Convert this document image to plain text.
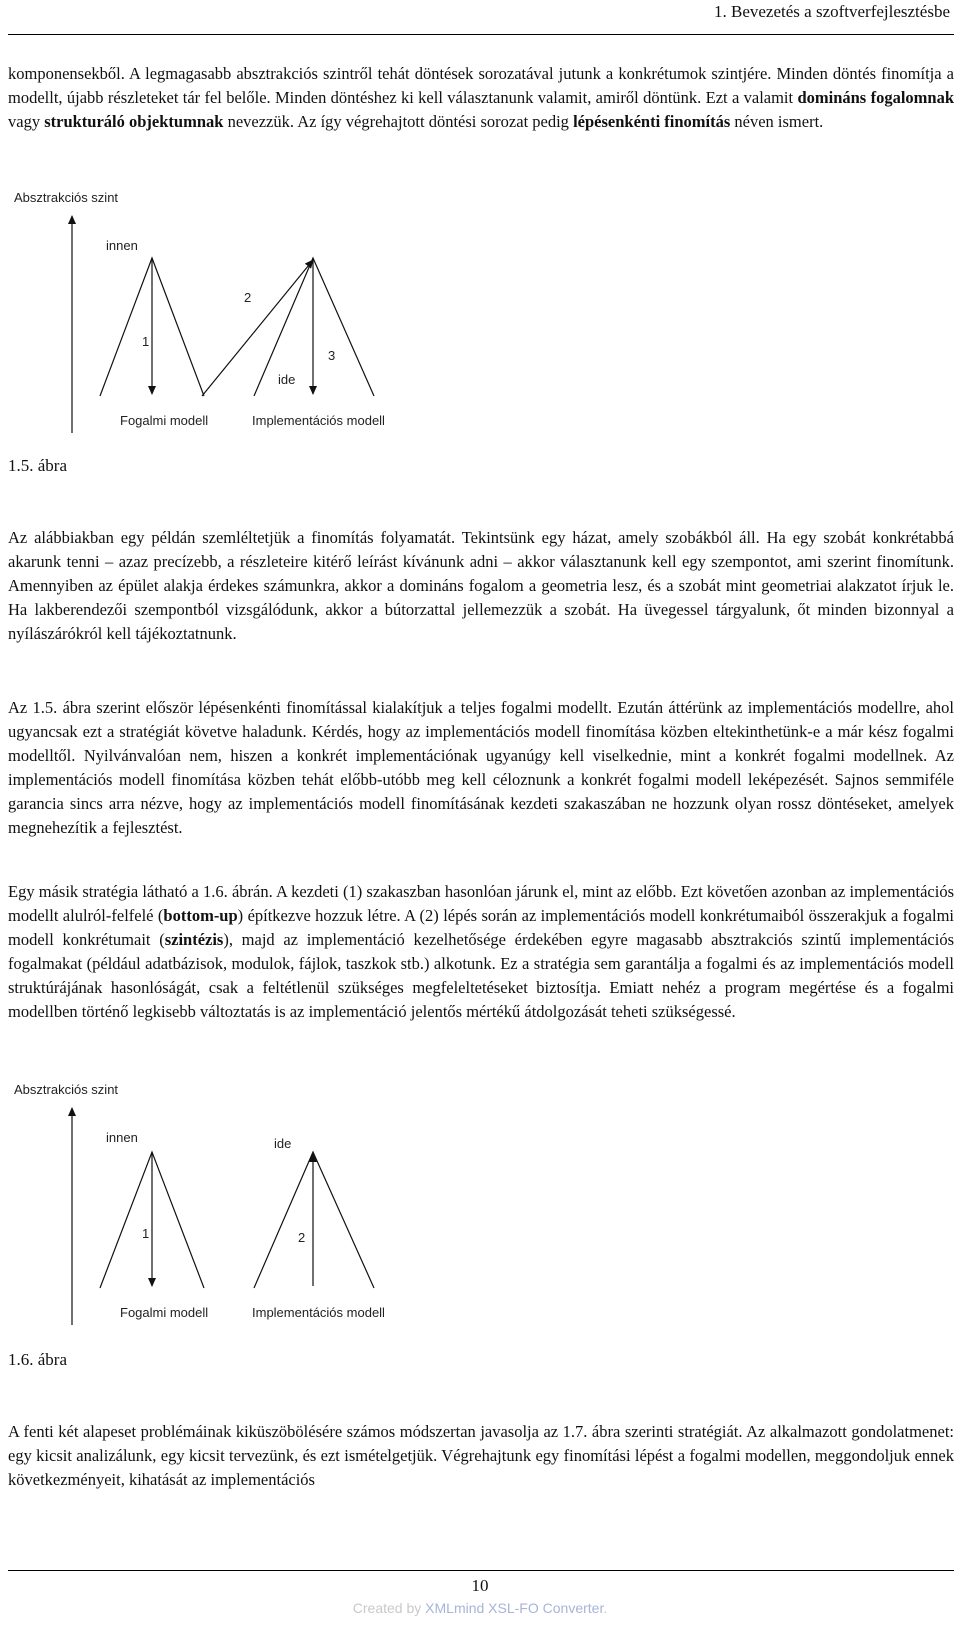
1. Bevezetés a szoftverfejlesztésbe

komponensekből. A legmagasabb absztrakciós szintről tehát döntések sorozatával jutunk a konkrétumok szintjére. Minden döntés finomítja a modellt, újabb részleteket tár fel belőle. Minden döntéshez ki kell választanunk valamit, amiről döntünk. Ezt a valamit domináns fogalomnak vagy strukturáló objektumnak nevezzük. Az így végrehajtott döntési sorozat pedig lépésenkénti finomítás néven ismert.

Absztrakciós szint
innen
1
2
3
ide
Fogalmi modell	Implementációs modell
1.5. ábra

Az alábbiakban egy példán szemléltetjük a finomítás folyamatát. Tekintsünk egy házat, amely szobákból áll. Ha egy szobát konkrétabbá akarunk tenni – azaz precízebb, a részleteire kitérő leírást kívánunk adni – akkor választanunk kell egy szempontot, ami szerint finomítunk. Amennyiben az épület alakja érdekes számunkra, akkor a domináns fogalom a geometria lesz, és a szobát mint geometriai alakzatot írjuk le. Ha lakberendezői szempontból vizsgálódunk, akkor a bútorzattal jellemezzük a szobát. Ha üvegessel tárgyalunk, őt minden bizonnyal a nyílászárókról kell tájékoztatnunk.

Az 1.5. ábra szerint először lépésenkénti finomítással kialakítjuk a teljes fogalmi modellt. Ezután áttérünk az implementációs modellre, ahol ugyancsak ezt a stratégiát követve haladunk. Kérdés, hogy az implementációs modell finomítása közben eltekinthetünk-e a már kész fogalmi modelltől. Nyilvánvalóan nem, hiszen a konkrét implementációnak ugyanúgy kell viselkednie, mint a konkrét fogalmi modellnek. Az implementációs modell finomítása közben tehát előbb-utóbb meg kell céloznunk a konkrét fogalmi modell leképezését. Sajnos semmiféle garancia sincs arra nézve, hogy az implementációs modell finomításának kezdeti szakaszában ne hozzunk olyan rossz döntéseket, amelyek megnehezítik a fejlesztést.

Egy másik stratégia látható a 1.6. ábrán. A kezdeti (1) szakaszban hasonlóan járunk el, mint az előbb. Ezt követően azonban az implementációs modellt alulról-felfelé (bottom-up) építkezve hozzuk létre. A (2) lépés során az implementációs modell konkrétumaiból összerakjuk a fogalmi modell konkrétumait (szintézis), majd az implementáció kezelhetősége érdekében egyre magasabb absztrakciós szintű implementációs fogalmakat (például adatbázisok, modulok, fájlok, taszkok stb.) alkotunk. Ez a stratégia sem garantálja a fogalmi és az implementációs modell struktúrájának hasonlóságát, csak a feltétlenül szükséges megfeleltetéseket biztosítja. Emiatt nehéz a program megértése és a fogalmi modellben történő legkisebb változtatás is az implementáció jelentős mértékű átdolgozását teheti szükségessé.

Absztrakciós szint
innen
1
ide
2
Fogalmi modell	Implementációs modell
1.6. ábra

A fenti két alapeset problémáinak kiküszöbölésére számos módszertan javasolja az 1.7. ábra szerinti stratégiát. Az alkalmazott gondolatmenet: egy kicsit analizálunk, egy kicsit tervezünk, és ezt ismételgetjük. Végrehajtunk egy finomítási lépést a fogalmi modellen, meggondoljuk ennek következményeit, kihatását az implementációs

10
Created by XMLmind XSL-FO Converter.
